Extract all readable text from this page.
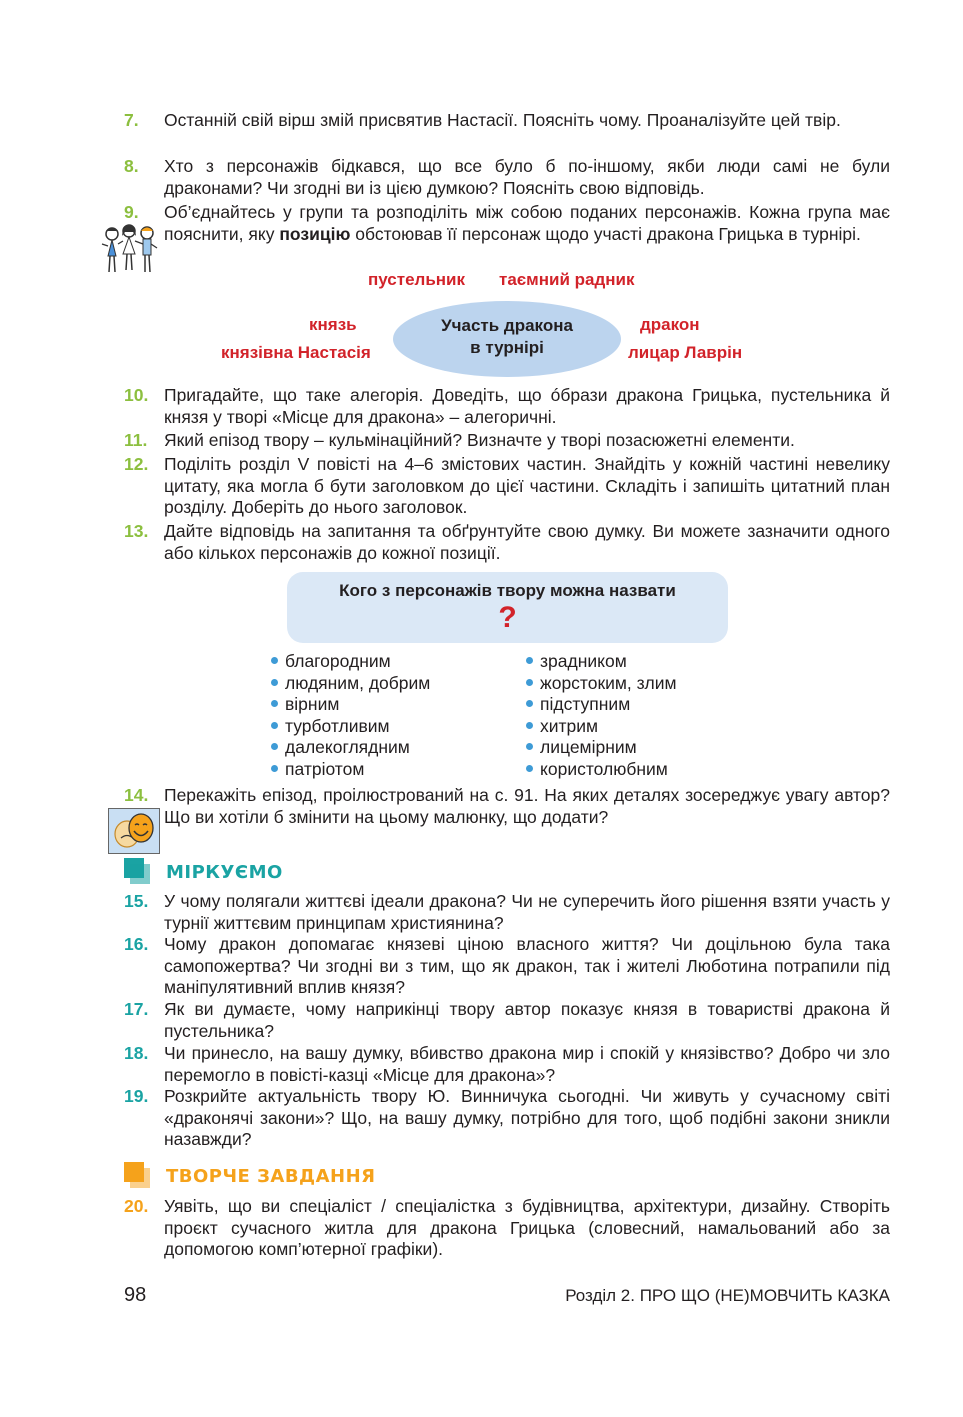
7.	Останній свій вірш змій присвятив Настасії. Поясніть чому. Проаналізуйте цей твір.
8.	Хто з персонажів бідкався, що все було б по-іншому, якби люди самі не були драконами? Чи згодні ви із цією думкою? Поясніть свою відповідь.
9.	Об’єднайтесь у групи та розподіліть між собою поданих персонажів. Кожна група має пояснити, яку позицію обстоював її персонаж щодо участі дракона Грицька в турнірі.
пустельник таємний радник
князь	дракон
князівна Настасія	лицар Лаврін
Участь дракона
в турнірі
10. Пригадайте, що таке алегорія. Доведіть, що óбрази дракона Грицька, пустельника й князя у творі «Місце для дракона» – алегоричні.
11. Який епізод твору – кульмінаційний? Визначте у творі позасюжетні елементи.
12. Поділіть розділ V повісті на 4–6 змістових частин. Знайдіть у кожній частині невелику цитату, яка могла б бути заголовком до цієї частини. Складіть і запишіть цитатний план розділу. Доберіть до нього заголовок.
13. Дайте відповідь на запитання та обґрунтуйте свою думку. Ви можете зазначити одного або кількох персонажів до кожної позиції.
Кого з персонажів твору можна назвати
?
благородним
людяним, добрим
вірним
турботливим
далекоглядним
патріотом
зрадником
жорстоким, злим
підступним
хитрим
лицемірним
користолюбним
14. Перекажіть епізод, проілюстрований на с. 91. На яких деталях зосереджує увагу автор? Що ви хотіли б змінити на цьому малюнку, що додати?
МІРКУЄМО
15. У чому полягали життєві ідеали дракона? Чи не суперечить його рішення взяти участь у турнії життєвим принципам християнина?
16. Чому дракон допомагає князеві ціною власного життя? Чи доцільною була така самопожертва? Чи згодні ви з тим, що як дракон, так і жителі Люботина потрапили під маніпулятивний вплив князя?
17. Як ви думаєте, чому наприкінці твору автор показує князя в товаристві дракона й пустельника?
18. Чи принесло, на вашу думку, вбивство дракона мир і спокій у князівство? Добро чи зло перемогло в повісті-казці «Місце для дракона»?
19. Розкрийте актуальність твору Ю. Винничука сьогодні. Чи живуть у сучасному світі «драконячі закони»? Що, на вашу думку, потрібно для того, щоб подібні закони зникли назавжди?
ТВОРЧЕ ЗАВДАННЯ
20. Уявіть, що ви спеціаліст / спеціалістка з будівництва, архітектури, дизайну. Створіть проєкт сучасного житла для дракона Грицька (словесний, намальований або за допомогою комп’ютерної графіки).
98	Розділ 2. ПРО ЩО (НЕ)МОВЧИТЬ КАЗКА
